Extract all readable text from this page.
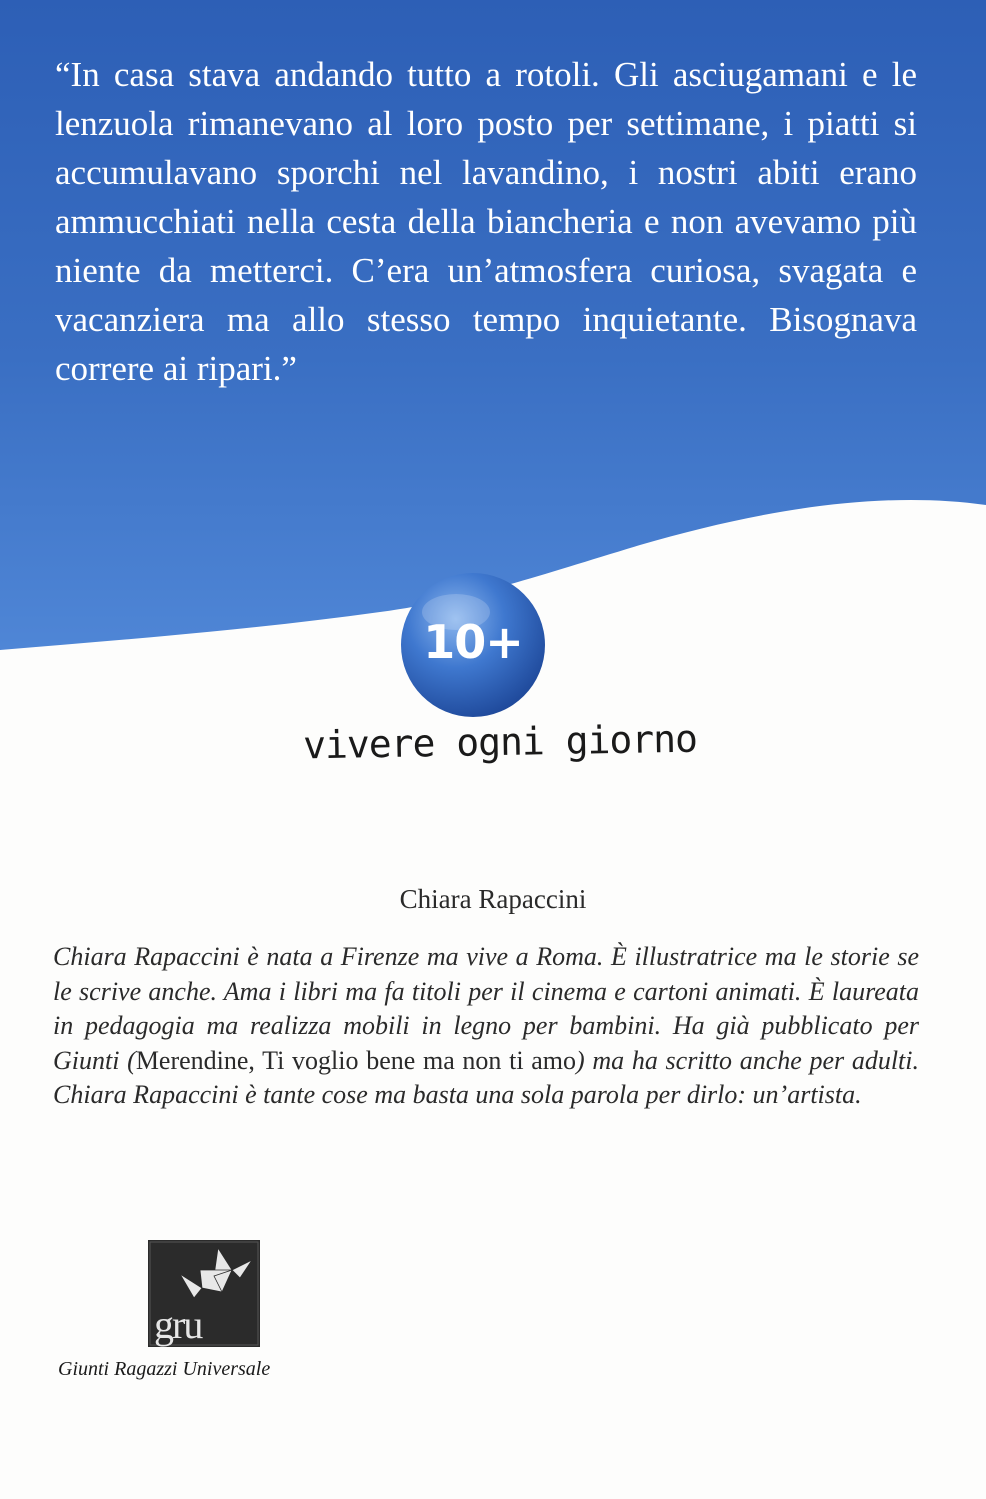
“In casa stava andando tutto a rotoli. Gli asciugamani e le lenzuola rimanevano al loro posto per settimane, i piatti si accumulavano sporchi nel lavandino, i nostri abiti erano ammucchiati nella cesta della biancheria e non avevamo più niente da metterci. C’era un’atmosfera curiosa, svagata e vacanziera ma allo stesso tempo inquietante. Bisognava correre ai ripari.”

10+
vivere ogni giorno
Chiara Rapaccini

Chiara Rapaccini è nata a Firenze ma vive a Roma. È illustratrice ma le storie se le scrive anche. Ama i libri ma fa titoli per il cinema e cartoni animati. È laureata in pedagogia ma realizza mobili in legno per bambini. Ha già pubblicato per Giunti (Merendine, Ti voglio bene ma non ti amo) ma ha scritto anche per adulti. Chiara Rapaccini è tante cose ma basta una sola parola per dirlo: un’artista.

gru
Giunti Ragazzi Universale
